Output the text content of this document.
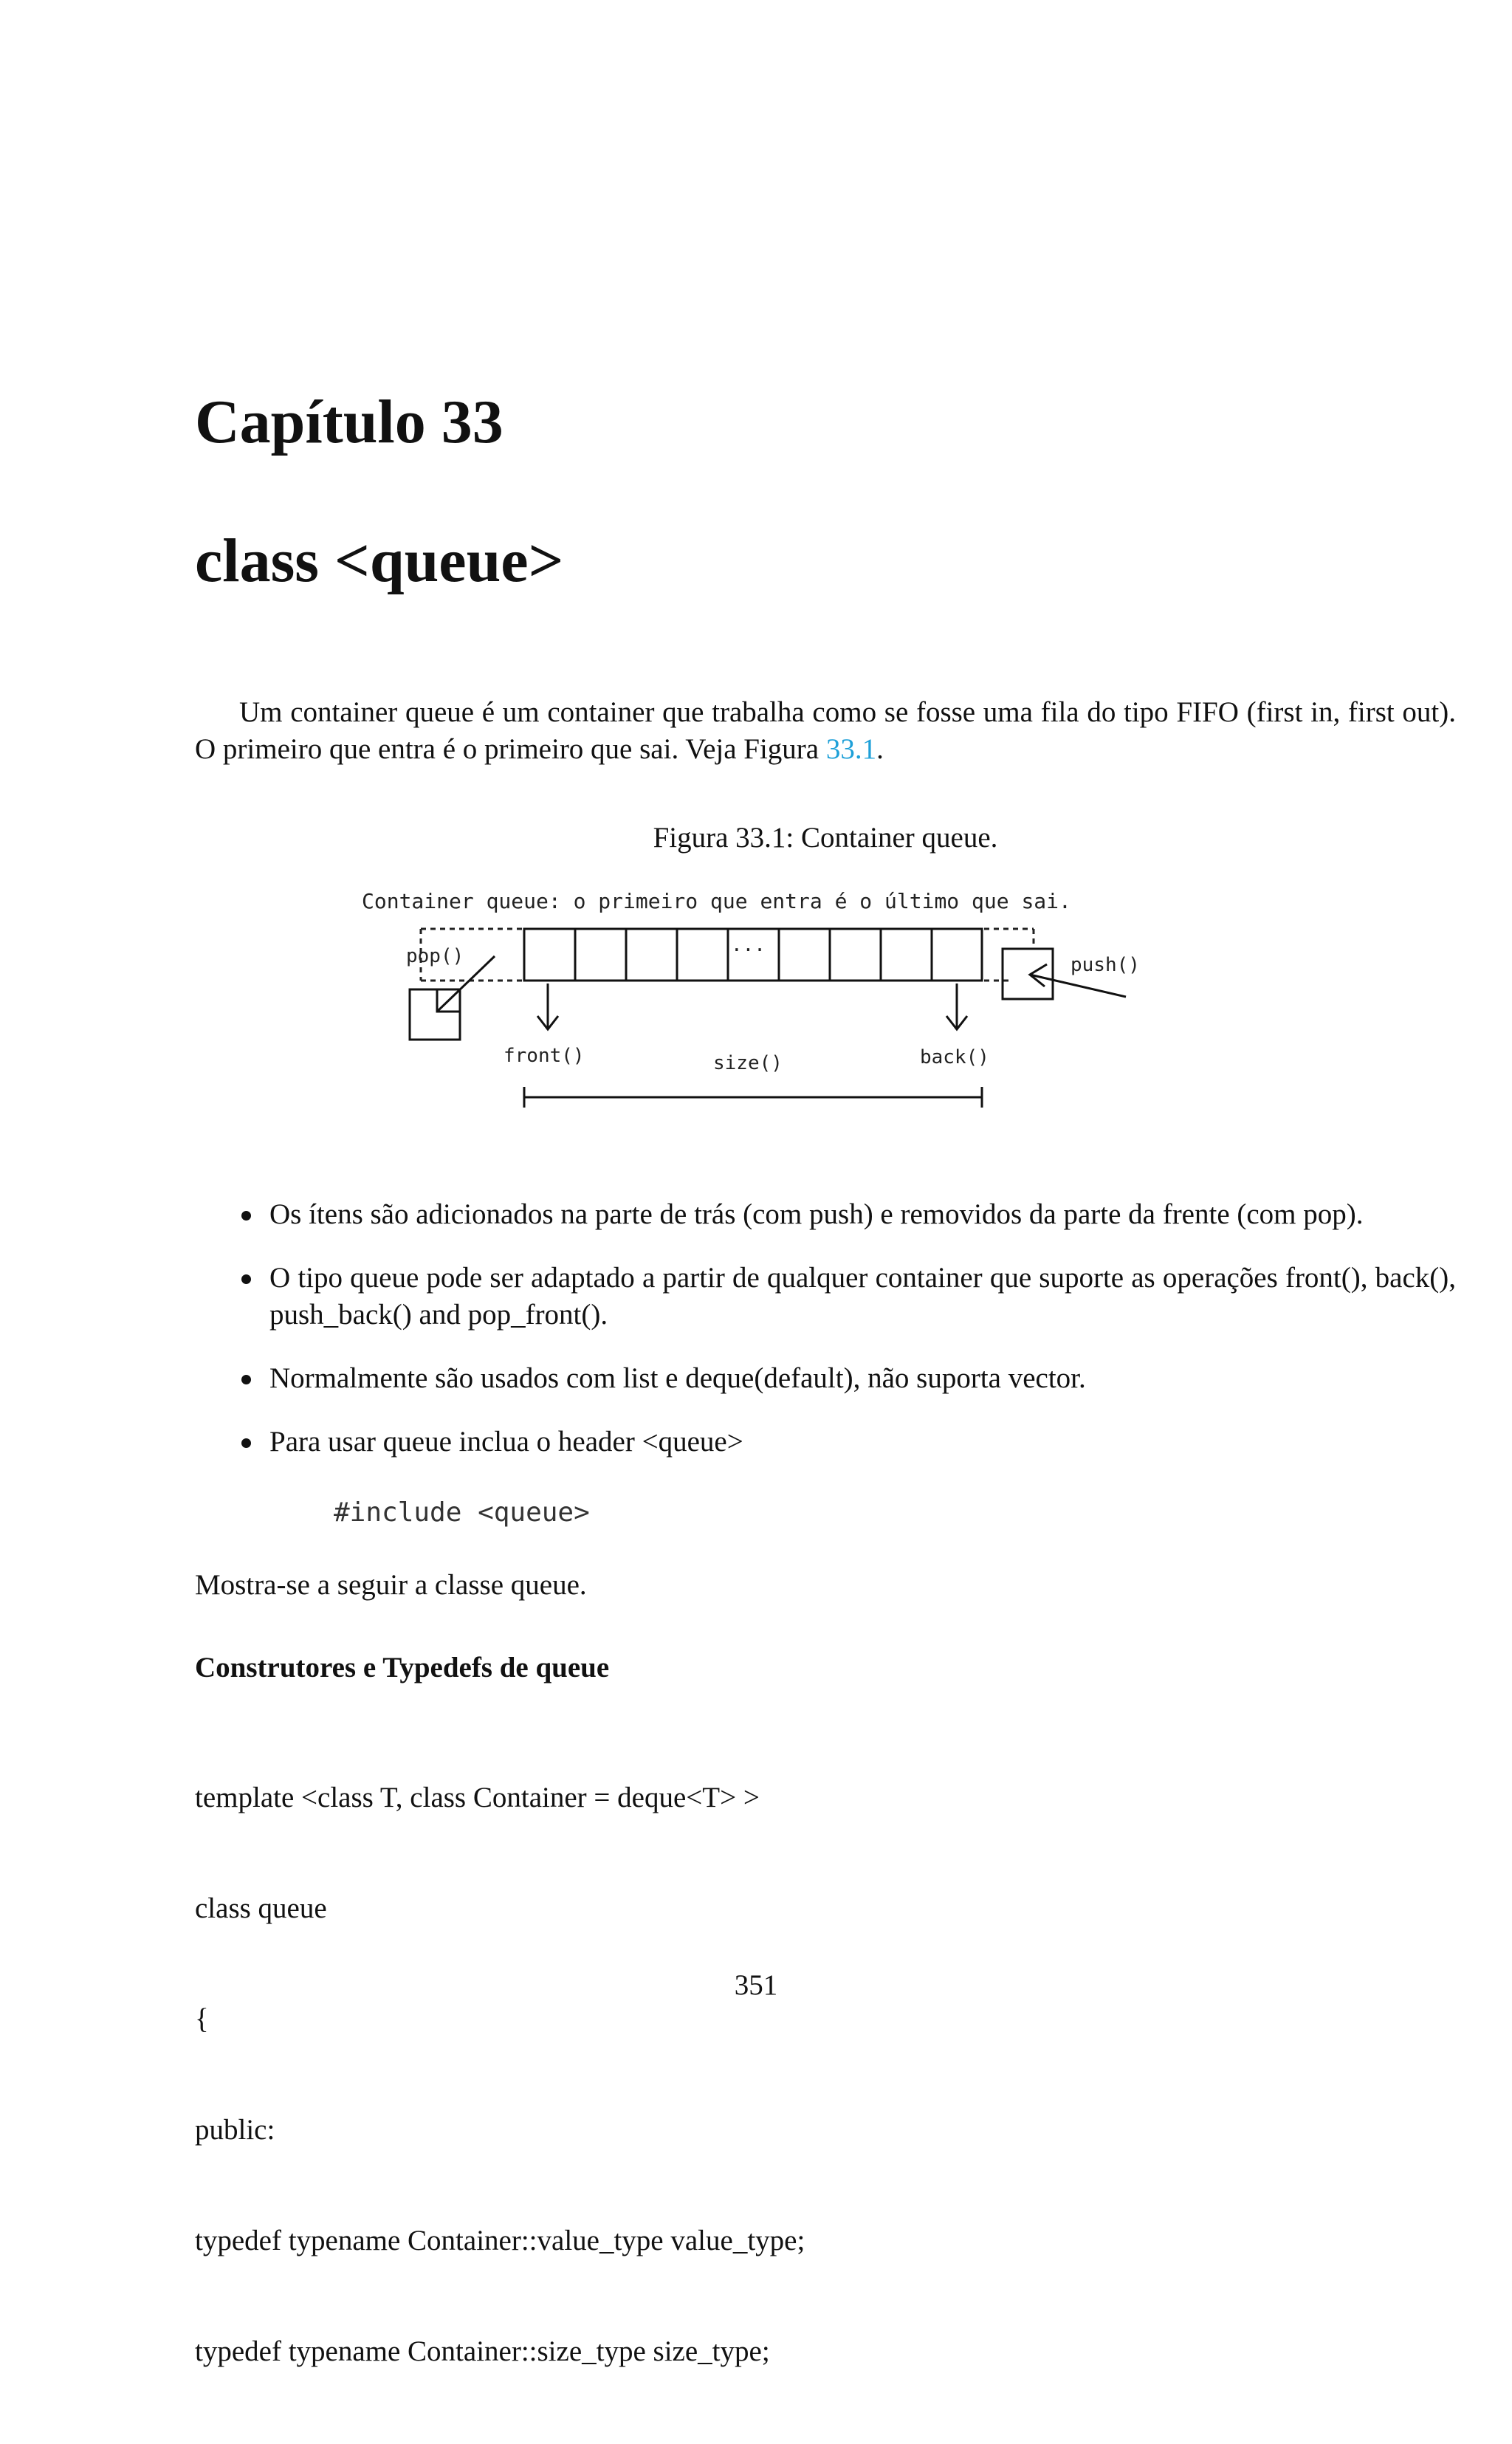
Capítulo 33
class <queue>
Um container queue é um container que trabalha como se fosse uma fila do tipo FIFO (first in, first out). O primeiro que entra é o primeiro que sai. Veja Figura 33.1.
Figura 33.1: Container queue.
Container queue: o primeiro que entra é o último que sai.
...
pop()	push()
front()	back()
size()
Os ítens são adicionados na parte de trás (com push) e removidos da parte da frente (com pop).
O tipo queue pode ser adaptado a partir de qualquer container que suporte as operações front(), back(), push_back() and pop_front().
Normalmente são usados com list e deque(default), não suporta vector.
Para usar queue inclua o header <queue>
#include <queue>
Mostra-se a seguir a classe queue.
Construtores e Typedefs de queue

template <class T, class Container = deque<T> >

class queue

{

public:

typedef typename Container::value_type value_type;

typedef typename Container::size_type size_type;

351
